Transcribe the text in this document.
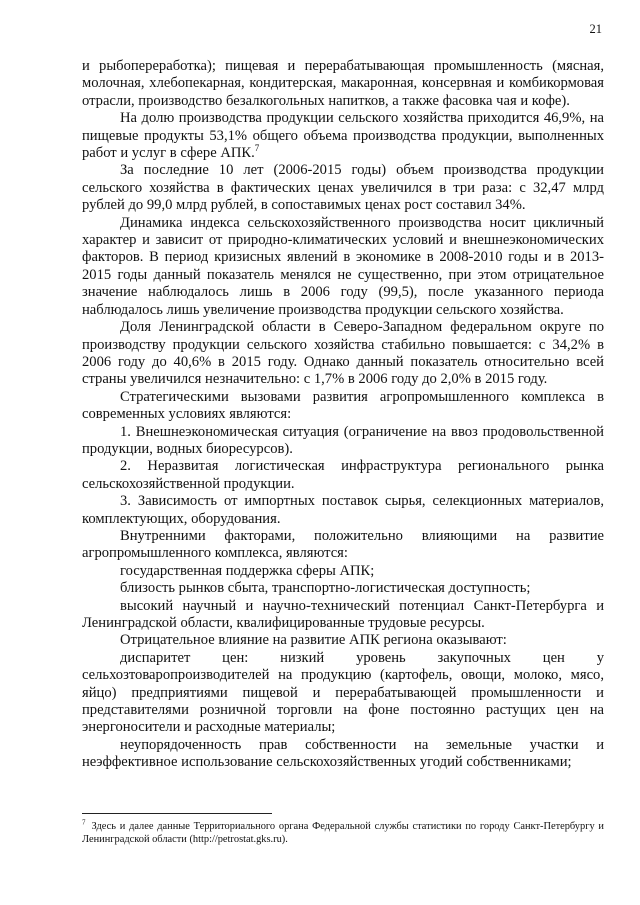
21

и рыбопереработка); пищевая и перерабатывающая промышленность (мясная, молочная, хлебопекарная, кондитерская, макаронная, консервная и комбикормовая отрасли, производство безалкогольных напитков, а также фасовка чая и кофе).

На долю производства продукции сельского хозяйства приходится 46,9%, на пищевые продукты 53,1% общего объема производства продукции, выполненных работ и услуг в сфере АПК.$^7$

За последние 10 лет (2006-2015 годы) объем производства продукции сельского хозяйства в фактических ценах увеличился в три раза: с 32,47 млрд рублей до 99,0 млрд рублей, в сопоставимых ценах рост составил 34%.

Динамика индекса сельскохозяйственного производства носит цикличный характер и зависит от природно-климатических условий и внешнеэкономических факторов. В период кризисных явлений в экономике в 2008-2010 годы и в 2013-2015 годы данный показатель менялся не существенно, при этом отрицательное значение наблюдалось лишь в 2006 году (99,5), после указанного периода наблюдалось лишь увеличение производства продукции сельского хозяйства.

Доля Ленинградской области в Северо-Западном федеральном округе по производству продукции сельского хозяйства стабильно повышается: с 34,2% в 2006 году до 40,6% в 2015 году. Однако данный показатель относительно всей страны увеличился незначительно: с 1,7% в 2006 году до 2,0% в 2015 году.

Стратегическими вызовами развития агропромышленного комплекса в современных условиях являются:

1. Внешнеэкономическая ситуация (ограничение на ввоз продовольственной продукции, водных биоресурсов).

2. Неразвитая логистическая инфраструктура регионального рынка сельскохозяйственной продукции.

3. Зависимость от импортных поставок сырья, селекционных материалов, комплектующих, оборудования.

Внутренними факторами, положительно влияющими на развитие агропромышленного комплекса, являются:

государственная поддержка сферы АПК;

близость рынков сбыта, транспортно-логистическая доступность;

высокий научный и научно-технический потенциал Санкт-Петербурга и Ленинградской области, квалифицированные трудовые ресурсы.

Отрицательное влияние на развитие АПК региона оказывают:

диспаритет цен: низкий уровень закупочных цен у сельхозтоваропроизводителей на продукцию (картофель, овощи, молоко, мясо, яйцо) предприятиями пищевой и перерабатывающей промышленности и представителями розничной торговли на фоне постоянно растущих цен на энергоносители и расходные материалы;

неупорядоченность прав собственности на земельные участки и неэффективное использование сельскохозяйственных угодий собственниками;

$^7$ Здесь и далее данные Территориального органа Федеральной службы статистики по городу Санкт-Петербургу и Ленинградской области (http://petrostat.gks.ru).
